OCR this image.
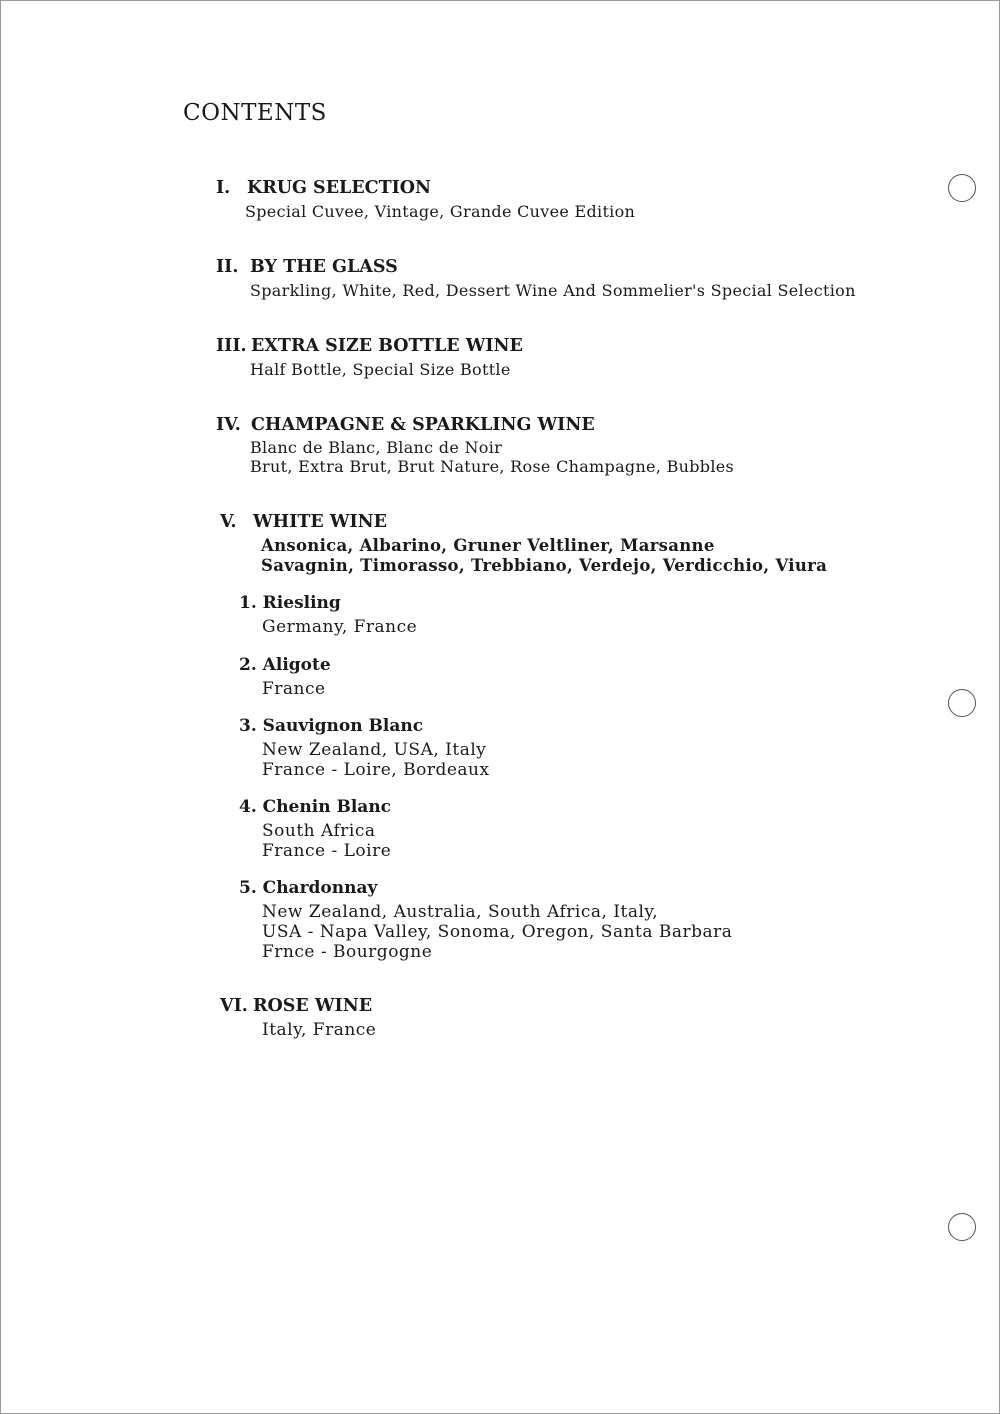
CONTENTS
I. KRUG SELECTION
Special Cuvee, Vintage, Grande Cuvee Edition
II. BY THE GLASS
Sparkling, White, Red, Dessert Wine And Sommelier's Special Selection
III. EXTRA SIZE BOTTLE WINE
Half Bottle, Special Size Bottle
IV. CHAMPAGNE & SPARKLING WINE
Blanc de Blanc, Blanc de Noir
Brut, Extra Brut, Brut Nature, Rose Champagne, Bubbles
V. WHITE WINE
Ansonica, Albarino, Gruner Veltliner, Marsanne
Savagnin, Timorasso, Trebbiano, Verdejo, Verdicchio, Viura
1. Riesling
Germany, France
2. Aligote
France
3. Sauvignon Blanc
New Zealand, USA, Italy
France - Loire, Bordeaux
4. Chenin Blanc
South Africa
France - Loire
5. Chardonnay
New Zealand, Australia, South Africa, Italy,
USA - Napa Valley, Sonoma, Oregon, Santa Barbara
Frnce - Bourgogne
VI. ROSE WINE
Italy, France
